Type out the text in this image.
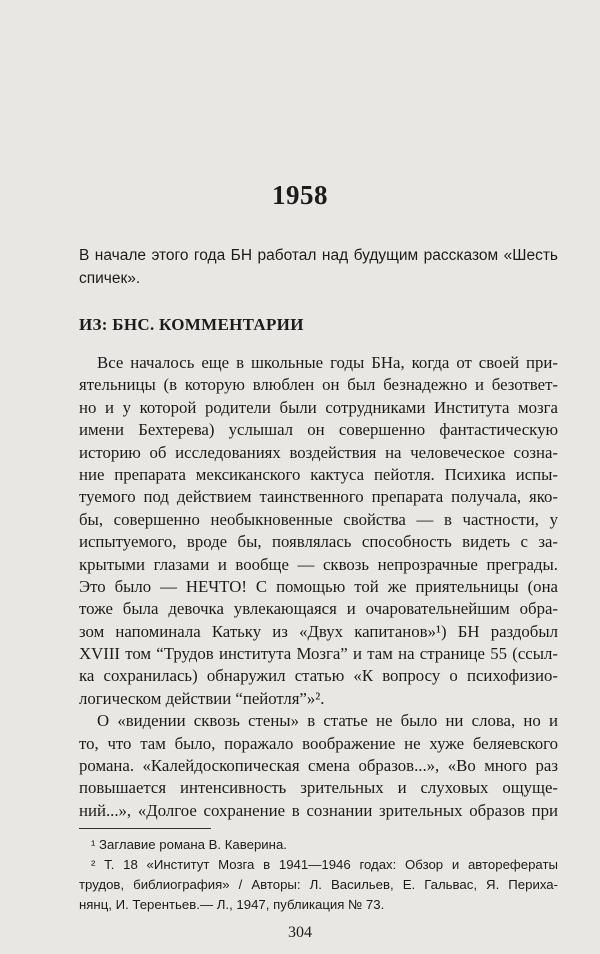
1958

В начале этого года БН работал над будущим рассказом «Шесть спичек».

ИЗ: БНС. КОММЕНТАРИИ
Все началось еще в школьные годы БНа, когда от своей при-
ятельницы (в которую влюблен он был безнадежно и безответ-
но и у которой родители были сотрудниками Института мозга
имени Бехтерева) услышал он совершенно фантастическую
историю об исследованиях воздействия на человеческое созна-
ние препарата мексиканского кактуса пейотля. Психика испы-
туемого под действием таинственного препарата получала, яко-
бы, совершенно необыкновенные свойства — в частности, у
испытуемого, вроде бы, появлялась способность видеть с за-
крытыми глазами и вообще — сквозь непрозрачные преграды.
Это было — НЕЧТО! С помощью той же приятельницы (она
тоже была девочка увлекающаяся и очаровательнейшим обра-
зом напоминала Катьку из «Двух капитанов»¹) БН раздобыл
XVIII том “Трудов института Мозга” и там на странице 55 (ссыл-
ка сохранилась) обнаружил статью «К вопросу о психофизио-
логическом действии “пейотля”»².
О «видении сквозь стены» в статье не было ни слова, но и
то, что там было, поражало воображение не хуже беляевского
романа. «Калейдоскопическая смена образов...», «Во много раз
повышается интенсивность зрительных и слуховых ощуще-
ний...», «Долгое сохранение в сознании зрительных образов при
¹ Заглавие романа В. Каверина.
² Т. 18 «Институт Мозга в 1941—1946 годах: Обзор и авторефераты
трудов, библиография» / Авторы: Л. Васильев, Е. Гальвас, Я. Периха-
нянц, И. Терентьев.— Л., 1947, публикация № 73.
304
